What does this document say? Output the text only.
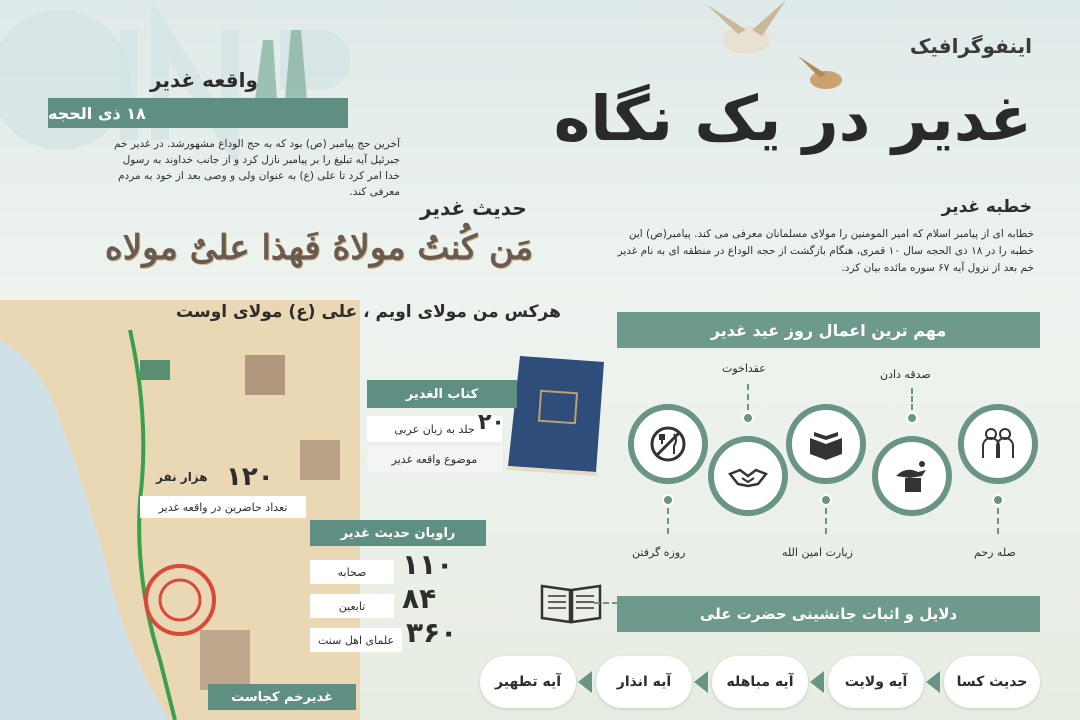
اینفوگرافیک
غدیر در یک نگاه
واقعه غدیر
۱۸ ذی الحجه
آخرین حج پیامبر (ص) بود که به حج الوداع مشهورشد. در غدیر خم جبرئیل آیه تبلیغ را بر پیامبر نازل کرد و از جانب خداوند به رسول خدا امر کرد تا علی (ع) به عنوان ولی و وصی بعد از خود به مردم معرفی کند.
حدیث غدیر
مَن کُنتُ مولاهُ فَهذا علیٌ مولاه
هرکس من مولای اویم ، علی (ع) مولای اوست
خطبه غدیر
خطابه ای از پیامبر اسلام که امیر المومنین را مولای مسلمانان معرفی می کند. پیامبر(ص) این خطبه را در ۱۸ ذی الحجه سال ۱۰ قمری، هنگام بازگشت از حجه الوداع در منطقه ای به نام غدیر خم بعد از نزول آیه ۶۷ سوره مائده بیان کرد.
مهم ترین اعمال روز عید غدیر
صله رحم
صدقه دادن
زیارت امین الله
عقداخوت
روزه گرفتن
کتاب الغدیر
جلد به زبان عربی ۲۰
موضوع واقعه غدیر
۱۲۰
هزار نفر
تعداد حاضرین در واقعه غدیر
راویان حدیث غدیر
صحابه ۱۱۰
تابعین ۸۴
علمای اهل سنت ۳۶۰
غدیرخم کجاست
دلایل و اثبات جانشینی حضرت علی
حدیث کسا
آیه ولایت
آیه مباهله
آیه انذار
آیه تطهیر
